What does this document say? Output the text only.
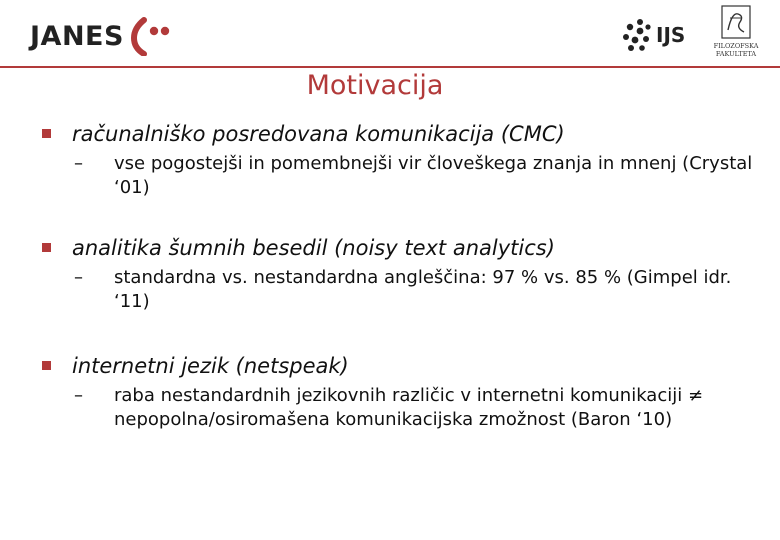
JANES	IJS	FILOZOFSKA
FAKULTETA
Motivacija
računalniško posredovana komunikacija (CMC)
– vse pogostejši in pomembnejši vir človeškega znanja in mnenj (Crystal ‘01)
analitika šumnih besedil (noisy text analytics)
– standardna vs. nestandardna angleščina: 97 % vs. 85 % (Gimpel idr. ‘11)
internetni jezik (netspeak)
– raba nestandardnih jezikovnih različic v internetni komunikaciji ≠ nepopolna/osiromašena komunikacijska zmožnost (Baron ‘10)
